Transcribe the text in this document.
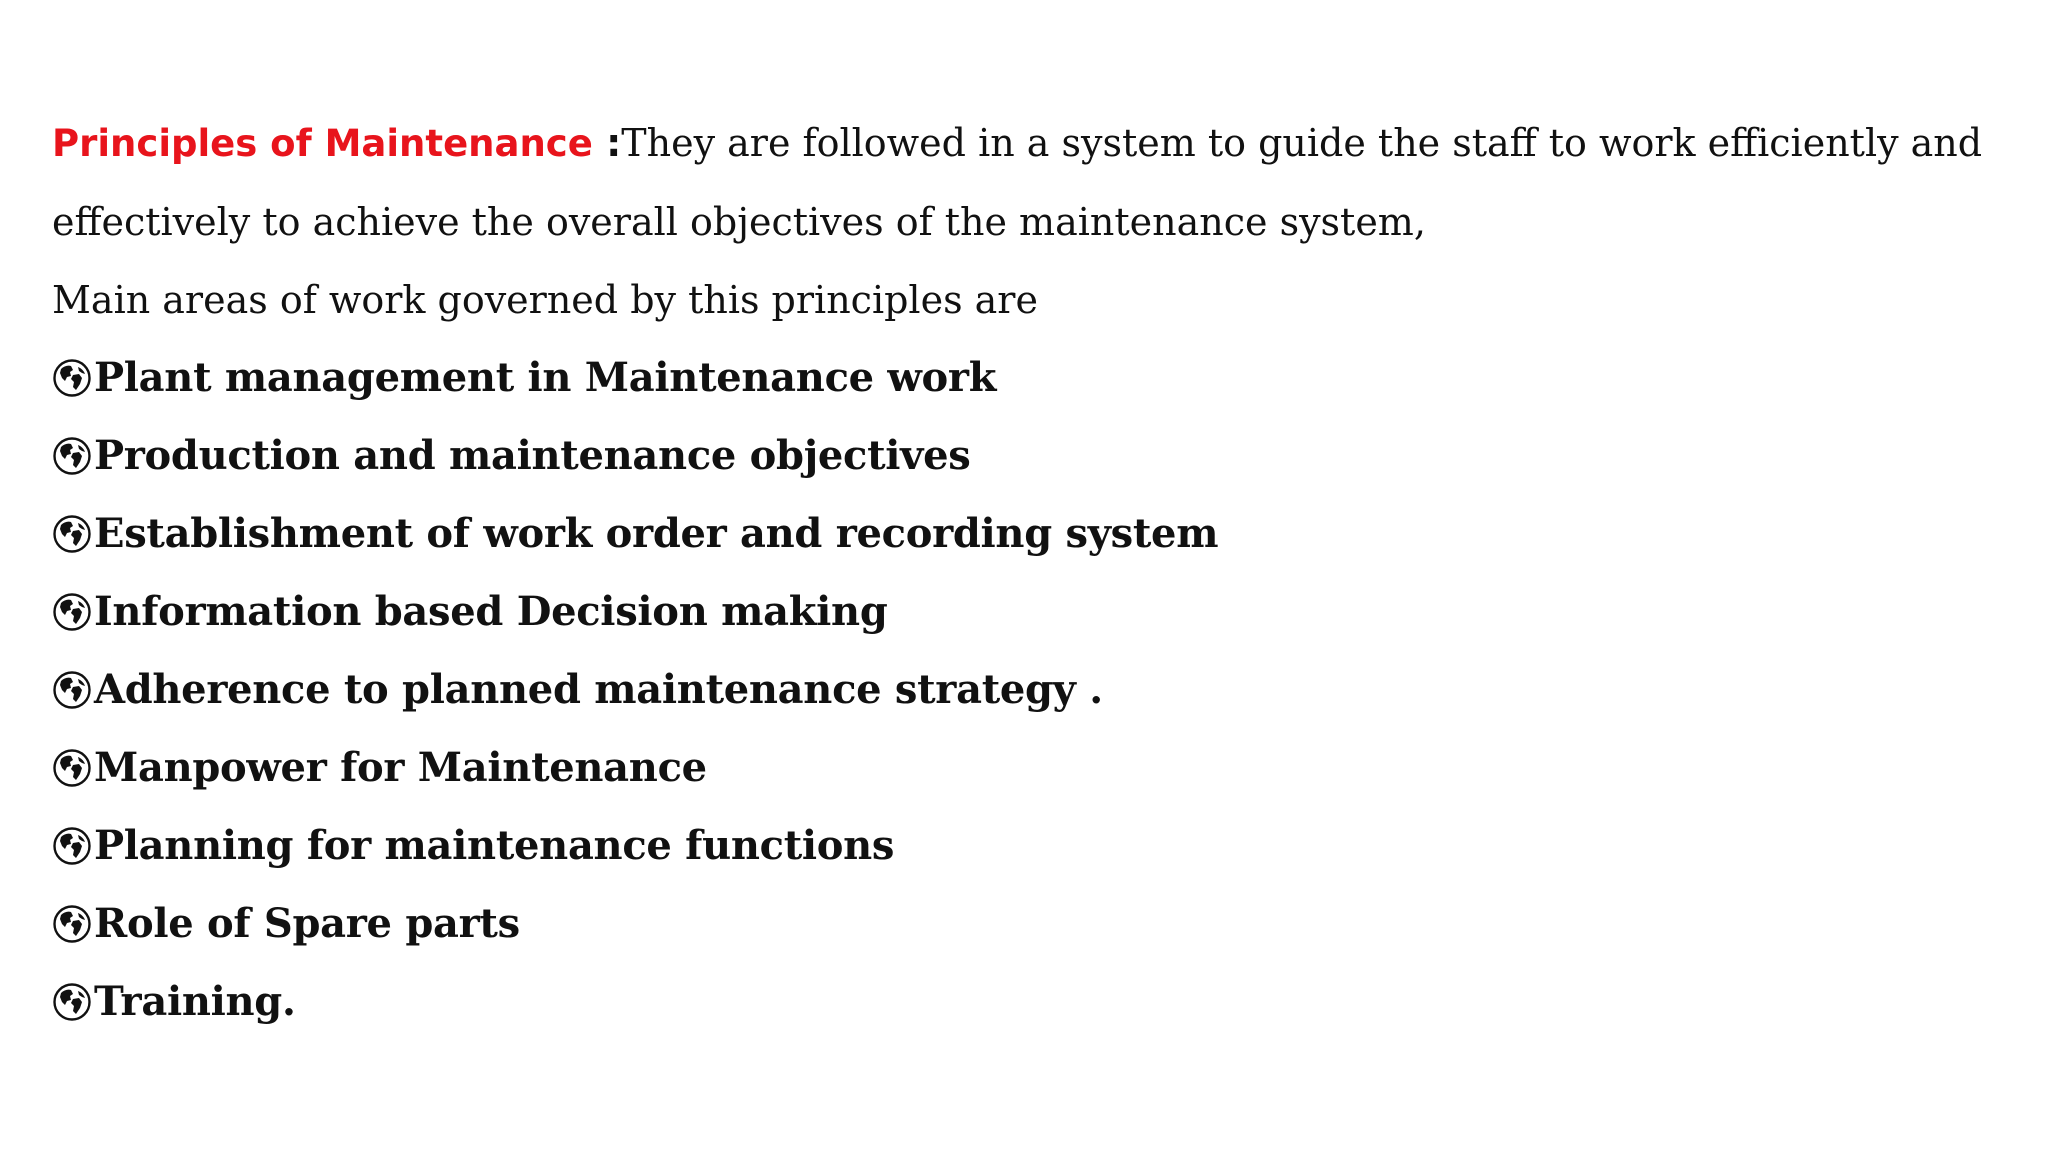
Principles of Maintenance :They are followed in a system to guide the staff to work efficiently and effectively to achieve the overall objectives of the maintenance system,

Main areas of work governed by this principles are

Plant management in Maintenance work
Production and maintenance objectives
Establishment of work order and recording system
Information based Decision making
Adherence to planned maintenance strategy .
Manpower for Maintenance
Planning for maintenance functions
Role of Spare parts
Training.
